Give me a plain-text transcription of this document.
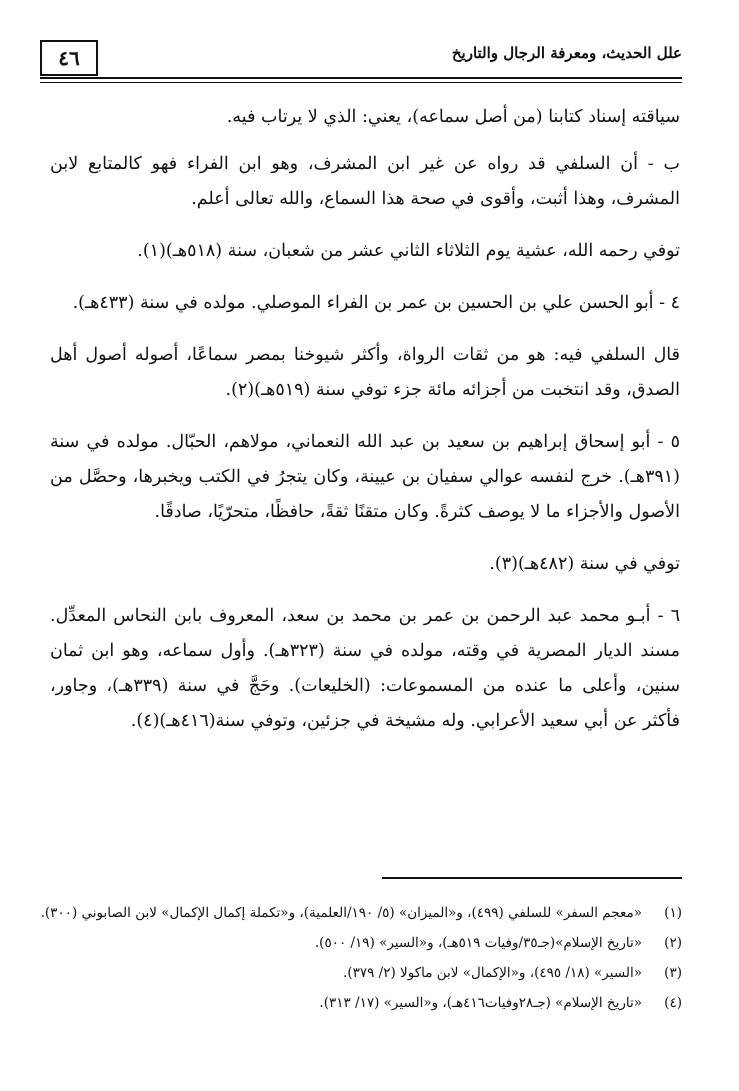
٤٦	علل الحديث، ومعرفة الرجال والتاريخ

سياقته إسناد كتابنا (من أصل سماعه)، يعني: الذي لا يرتاب فيه.

ب - أن السلفي قد رواه عن غير ابن المشرف، وهو ابن الفراء فهو كالمتابع لابن المشرف، وهذا أثبت، وأقوى في صحة هذا السماع، والله تعالى أعلم.

توفي رحمه الله، عشية يوم الثلاثاء الثاني عشر من شعبان، سنة (٥١٨هـ)(١).

٤ - أبو الحسن علي بن الحسين بن عمر بن الفراء الموصلي. مولده في سنة (٤٣٣هـ).

قال السلفي فيه: هو من ثقات الرواة، وأكثر شيوخنا بمصر سماعًا، أصوله أصول أهل الصدق، وقد انتخبت من أجزائه مائة جزء توفي سنة (٥١٩هـ)(٢).

٥ - أبو إسحاق إبراهيم بن سعيد بن عبد الله النعماني، مولاهم، الحبّال. مولده في سنة (٣٩١هـ). خرج لنفسه عوالي سفيان بن عيينة، وكان يتجرُ في الكتب ويخبرها، وحصَّل من الأصول والأجزاء ما لا يوصف كثرةً. وكان متقنًا ثقةً، حافظًا، متحرّيًا، صادقًا.

توفي في سنة (٤٨٢هـ)(٣).

٦ - أبـو محمد عبد الرحمن بن عمر بن محمد بن سعد، المعروف بابن النحاس المعدِّل. مسند الديار المصرية في وقته، مولده في سنة (٣٢٣هـ). وأول سماعه، وهو ابن ثمان سنين، وأعلى ما عنده من المسموعات: (الخليعات). وحَجَّ في سنة (٣٣٩هـ)، وجاور، فأكثر عن أبي سعيد الأعرابي. وله مشيخة في جزئين، وتوفي سنة(٤١٦هـ)(٤).

(١)
«معجم السفر» للسلفي (٤٩٩)، و«الميزان» (٥/ ١٩٠/العلمية)، و«تكملة إكمال الإكمال» لابن الصابوني (٣٠٠).
(٢)
«تاريخ الإسلام»(جـ٣٥/وفيات ٥١٩هـ)، و«السير» (١٩/ ٥٠٠).
(٣)
«السير» (١٨/ ٤٩٥)، و«الإكمال» لابن ماكولا (٢/ ٣٧٩).
(٤)
«تاريخ الإسلام» (جـ٢٨وفيات٤١٦هـ)، و«السير» (١٧/ ٣١٣).
